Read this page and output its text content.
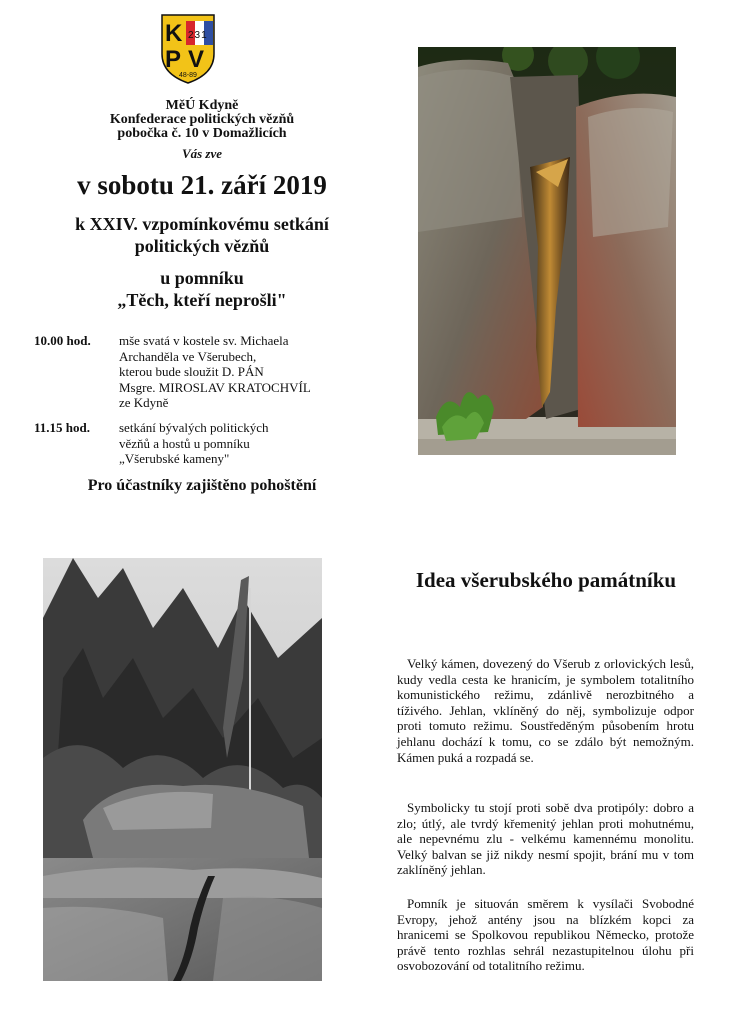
K 231
P V
48-89
MěÚ Kdyně
Konfederace politických vězňů
pobočka č. 10 v Domažlicích
Vás zve
v sobotu 21. září 2019
k XXIV. vzpomínkovému setkání
politických vězňů
u pomníku
„Těch, kteří neprošli"
10.00 hod. mše svatá v kostele sv. Michaela
Archanděla ve Všerubech,
kterou bude sloužit D. PÁN
Msgre. MIROSLAV KRATOCHVÍL
ze Kdyně
11.15 hod. setkání bývalých politických
vězňů a hostů u pomníku
„Všerubské kameny"
Pro účastníky zajištěno pohoštění
Idea všerubského památníku

Velký kámen, dovezený do Všerub z orlovických lesů, kudy vedla cesta ke hranicím, je symbolem totalitního komunistického režimu, zdánlivě nerozbitného a tíživého. Jehlan, vklíněný do něj, symbolizuje odpor proti tomuto režimu. Soustředěným působením hrotu jehlanu dochází k tomu, co se zdálo být nemožným. Kámen puká a rozpadá se.

Symbolicky tu stojí proti sobě dva protipóly: dobro a zlo; útlý, ale tvrdý křemenitý jehlan proti mohutnému, ale nepevnému zlu - velkému kamennému monolitu. Velký balvan se již nikdy nesmí spojit, brání mu v tom zaklíněný jehlan.

Pomník je situován směrem k vysílači Svobodné Evropy, jehož antény jsou na blízkém kopci za hranicemi se Spolkovou republikou Německo, protože právě tento rozhlas sehrál nezastupitelnou úlohu při osvobozování od totalitního režimu.
